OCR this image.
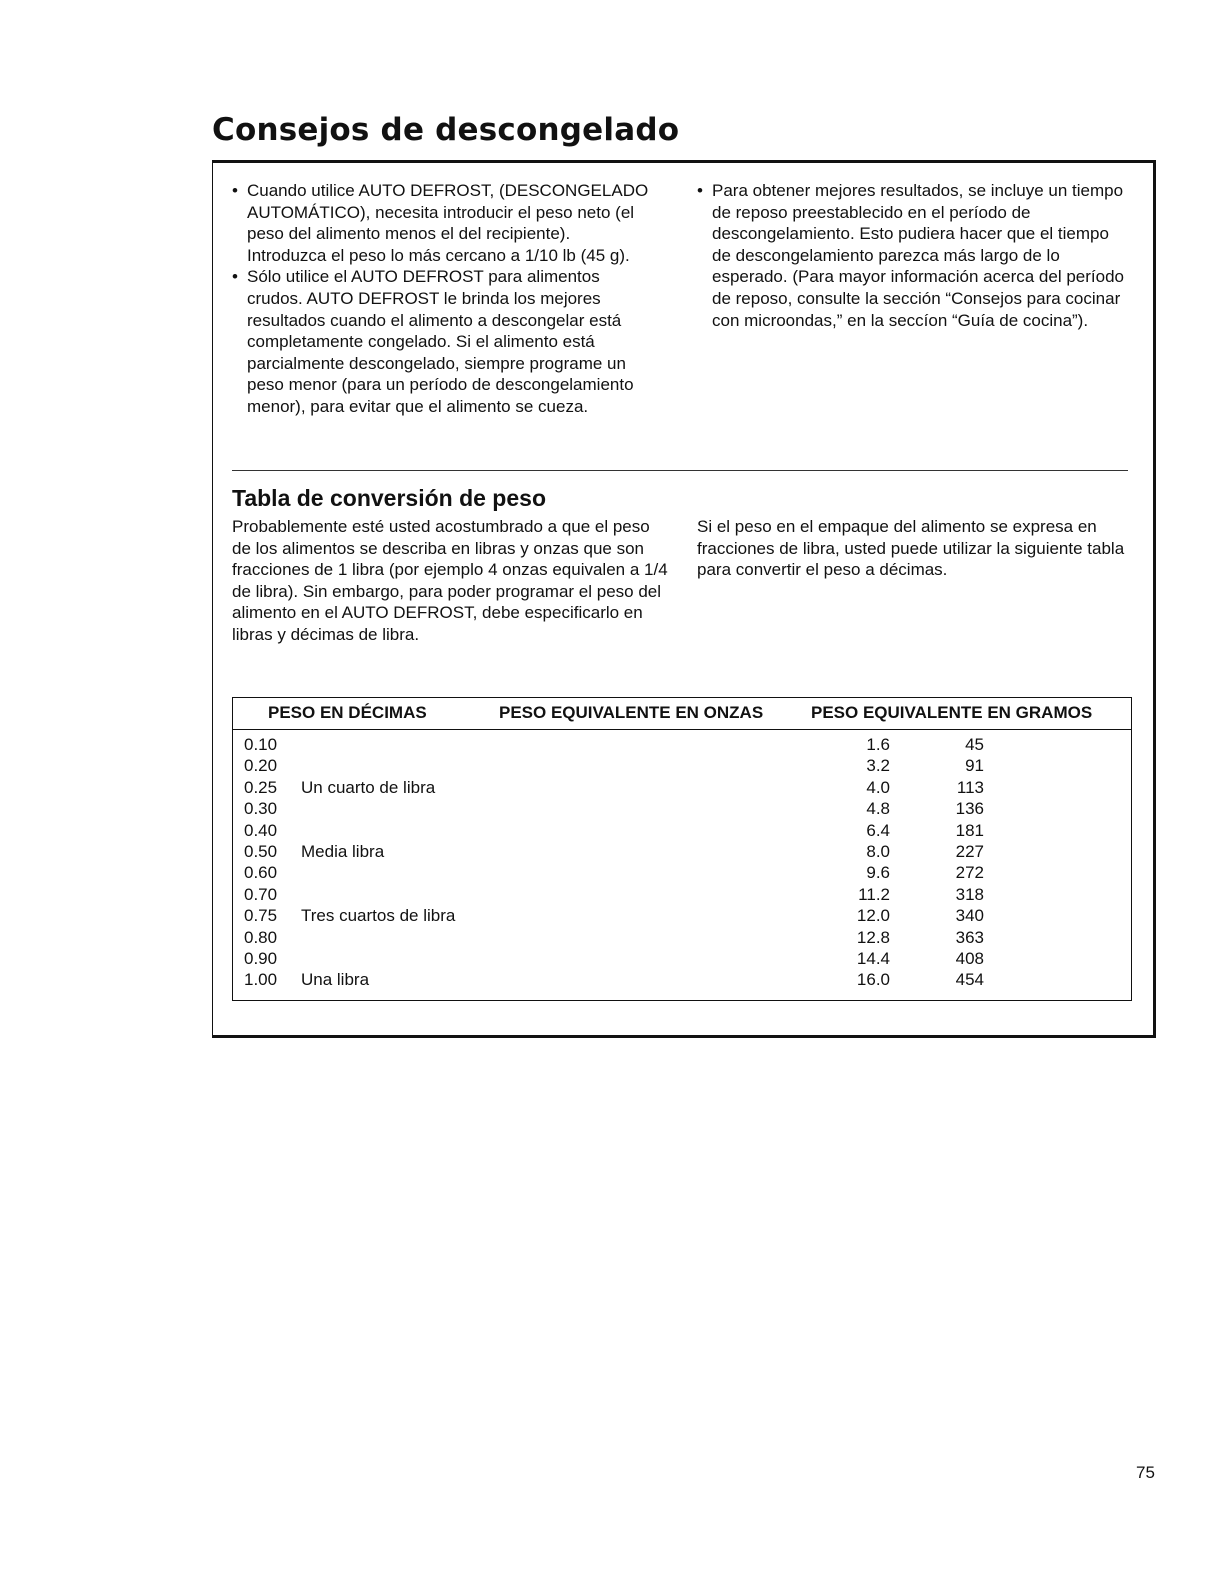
Consejos de descongelado
• Cuando utilice AUTO DEFROST, (DESCONGELADO AUTOMÁTICO), necesita introducir el peso neto (el peso del alimento menos el del recipiente). Introduzca el peso lo más cercano a 1/10 lb (45 g).
• Sólo utilice el AUTO DEFROST para alimentos crudos. AUTO DEFROST le brinda los mejores resultados cuando el alimento a descongelar está completamente congelado. Si el alimento está parcialmente descongelado, siempre programe un peso menor (para un período de descongelamiento menor), para evitar que el alimento se cueza.
• Para obtener mejores resultados, se incluye un tiempo de reposo preestablecido en el período de descongelamiento. Esto pudiera hacer que el tiempo de descongelamiento parezca más largo de lo esperado. (Para mayor información acerca del período de reposo, consulte la sección “Consejos para cocinar con microondas,” en la seccíon “Guía de cocina”).
Tabla de conversión de peso

Probablemente esté usted acostumbrado a que el peso de los alimentos se describa en libras y onzas que son fracciones de 1 libra (por ejemplo 4 onzas equivalen a 1/4 de libra). Sin embargo, para poder programar el peso del alimento en el AUTO DEFROST, debe especificarlo en libras y décimas de libra.

Si el peso en el empaque del alimento se expresa en fracciones de libra, usted puede utilizar la siguiente tabla para convertir el peso a décimas.

PESO EN DÉCIMAS	PESO EQUIVALENTE EN ONZAS	PESO EQUIVALENTE EN GRAMOS
0.10	1.6	45
0.20	3.2	91
0.25 Un cuarto de libra	4.0	113
0.30	4.8	136
0.40	6.4	181
0.50 Media libra	8.0	227
0.60	9.6	272
0.70	11.2	318
0.75 Tres cuartos de libra	12.0	340
0.80	12.8	363
0.90	14.4	408
1.00 Una libra	16.0	454

75
